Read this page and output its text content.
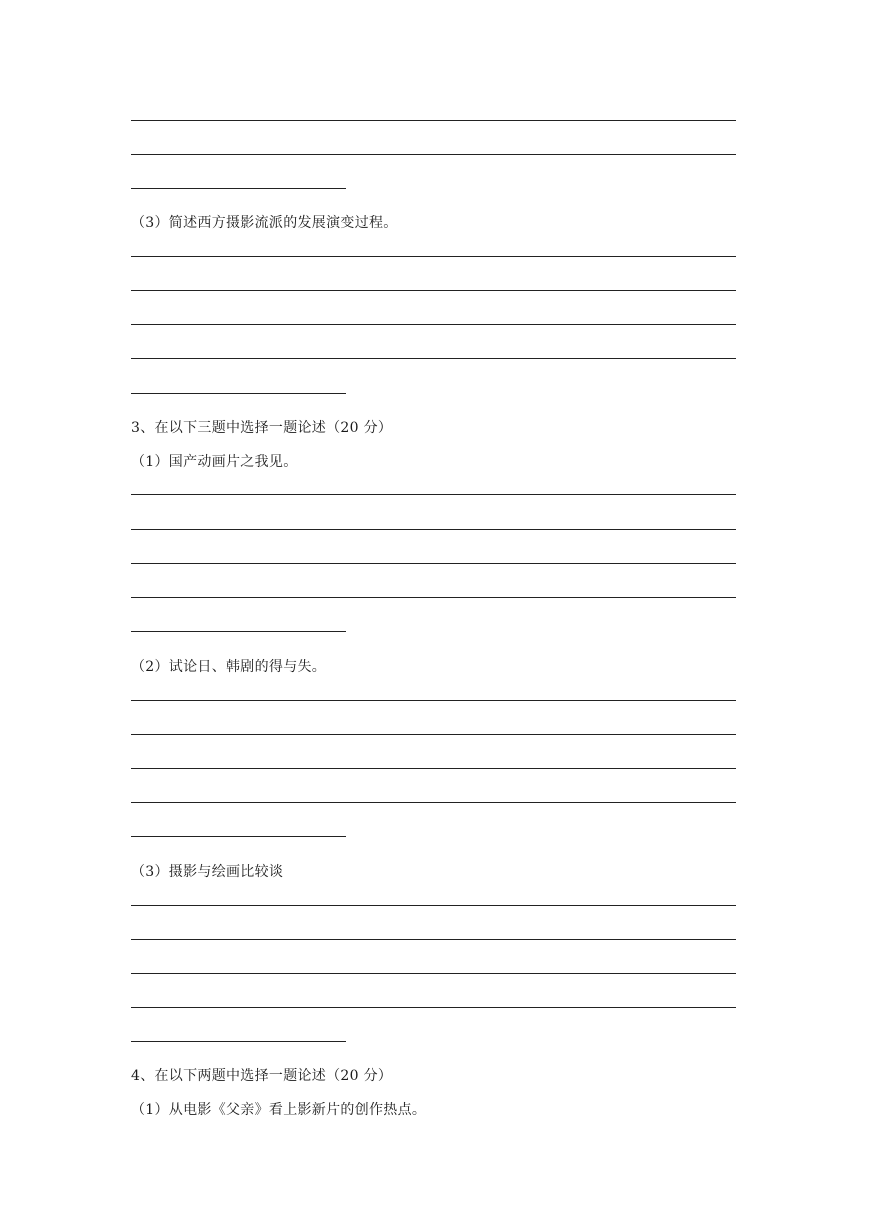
（3）简述西方摄影流派的发展演变过程。
3、在以下三题中选择一题论述（20 分）
（1）国产动画片之我见。
（2）试论日、韩剧的得与失。
（3）摄影与绘画比较谈
4、在以下两题中选择一题论述（20 分）
（1）从电影《父亲》看上影新片的创作热点。
